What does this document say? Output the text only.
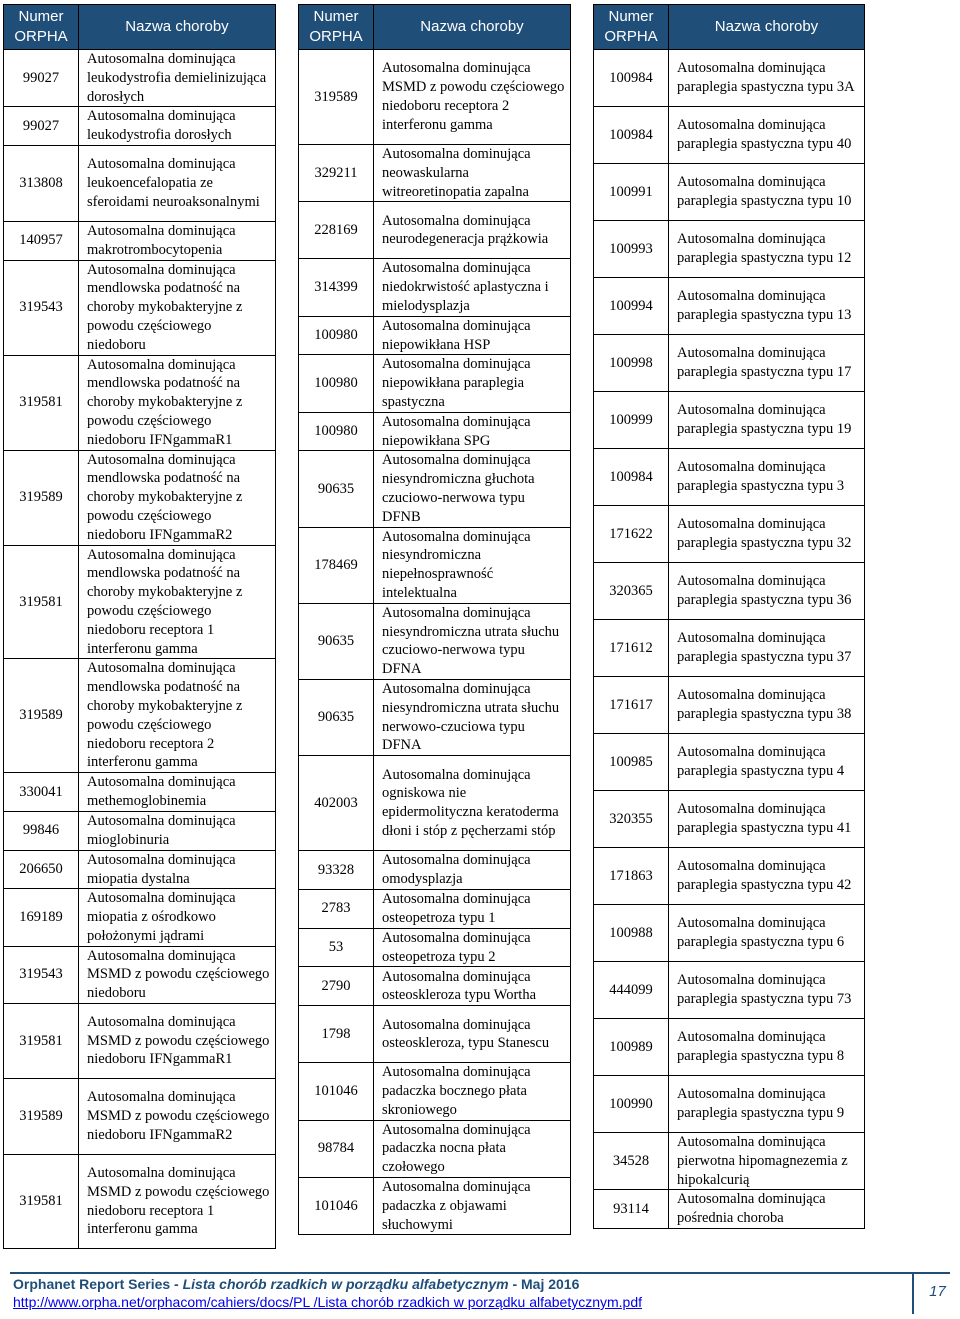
Numer
ORPHA	Nazwa choroby
99027	Autosomalna dominująca leukodystrofia demielinizująca dorosłych
99027	Autosomalna dominująca leukodystrofia dorosłych
313808	Autosomalna dominująca leukoencefalopatia ze sferoidami neuroaksonalnymi
140957	Autosomalna dominująca makrotrombocytopenia
319543	Autosomalna dominująca mendlowska podatność na choroby mykobakteryjne z powodu częściowego niedoboru
319581	Autosomalna dominująca mendlowska podatność na choroby mykobakteryjne z powodu częściowego niedoboru IFNgammaR1
319589	Autosomalna dominująca mendlowska podatność na choroby mykobakteryjne z powodu częściowego niedoboru IFNgammaR2
319581	Autosomalna dominująca mendlowska podatność na choroby mykobakteryjne z powodu częściowego niedoboru receptora 1 interferonu gamma
319589	Autosomalna dominująca mendlowska podatność na choroby mykobakteryjne z powodu częściowego niedoboru receptora 2 interferonu gamma
330041	Autosomalna dominująca methemoglobinemia
99846	Autosomalna dominująca mioglobinuria
206650	Autosomalna dominująca miopatia dystalna
169189	Autosomalna dominująca miopatia z ośrodkowo położonymi jądrami
319543	Autosomalna dominująca MSMD z powodu częściowego niedoboru
319581	Autosomalna dominująca MSMD z powodu częściowego niedoboru IFNgammaR1
319589	Autosomalna dominująca MSMD z powodu częściowego niedoboru IFNgammaR2
319581	Autosomalna dominująca MSMD z powodu częściowego niedoboru receptora 1 interferonu gamma
Numer
ORPHA	Nazwa choroby
319589	Autosomalna dominująca MSMD z powodu częściowego niedoboru receptora 2 interferonu gamma
329211	Autosomalna dominująca neowaskularna witreoretinopatia zapalna
228169	Autosomalna dominująca neurodegeneracja prążkowia
314399	Autosomalna dominująca niedokrwistość aplastyczna i mielodysplazja
100980	Autosomalna dominująca niepowikłana HSP
100980	Autosomalna dominująca niepowikłana paraplegia spastyczna
100980	Autosomalna dominująca niepowikłana SPG
90635	Autosomalna dominująca niesyndromiczna głuchota czuciowo-nerwowa typu DFNB
178469	Autosomalna dominująca niesyndromiczna niepełnosprawność intelektualna
90635	Autosomalna dominująca niesyndromiczna utrata słuchu czuciowo-nerwowa typu DFNA
90635	Autosomalna dominująca niesyndromiczna utrata słuchu nerwowo-czuciowa typu DFNA
402003	Autosomalna dominująca ogniskowa nie epidermolityczna keratoderma dłoni i stóp z pęcherzami stóp
93328	Autosomalna dominująca omodysplazja
2783	Autosomalna dominująca osteopetroza typu 1
53	Autosomalna dominująca osteopetroza typu 2
2790	Autosomalna dominująca osteoskleroza typu Wortha
1798	Autosomalna dominująca osteoskleroza, typu Stanescu
101046	Autosomalna dominująca padaczka bocznego płata skroniowego
98784	Autosomalna dominująca padaczka nocna płata czołowego
101046	Autosomalna dominująca padaczka z objawami słuchowymi
Numer
ORPHA	Nazwa choroby
100984	Autosomalna dominująca paraplegia spastyczna typu 3A
100984	Autosomalna dominująca paraplegia spastyczna typu 40
100991	Autosomalna dominująca paraplegia spastyczna typu 10
100993	Autosomalna dominująca paraplegia spastyczna typu 12
100994	Autosomalna dominująca paraplegia spastyczna typu 13
100998	Autosomalna dominująca paraplegia spastyczna typu 17
100999	Autosomalna dominująca paraplegia spastyczna typu 19
100984	Autosomalna dominująca paraplegia spastyczna typu 3
171622	Autosomalna dominująca paraplegia spastyczna typu 32
320365	Autosomalna dominująca paraplegia spastyczna typu 36
171612	Autosomalna dominująca paraplegia spastyczna typu 37
171617	Autosomalna dominująca paraplegia spastyczna typu 38
100985	Autosomalna dominująca paraplegia spastyczna typu 4
320355	Autosomalna dominująca paraplegia spastyczna typu 41
171863	Autosomalna dominująca paraplegia spastyczna typu 42
100988	Autosomalna dominująca paraplegia spastyczna typu 6
444099	Autosomalna dominująca paraplegia spastyczna typu 73
100989	Autosomalna dominująca paraplegia spastyczna typu 8
100990	Autosomalna dominująca paraplegia spastyczna typu 9
34528	Autosomalna dominująca pierwotna hipomagnezemia z hipokalcurią
93114	Autosomalna dominująca pośrednia choroba
Orphanet Report Series - Lista chorób rzadkich w porządku alfabetycznym - Maj 2016
http://www.orpha.net/orphacom/cahiers/docs/PL /Lista chorób rzadkich w porządku alfabetycznym.pdf
17
